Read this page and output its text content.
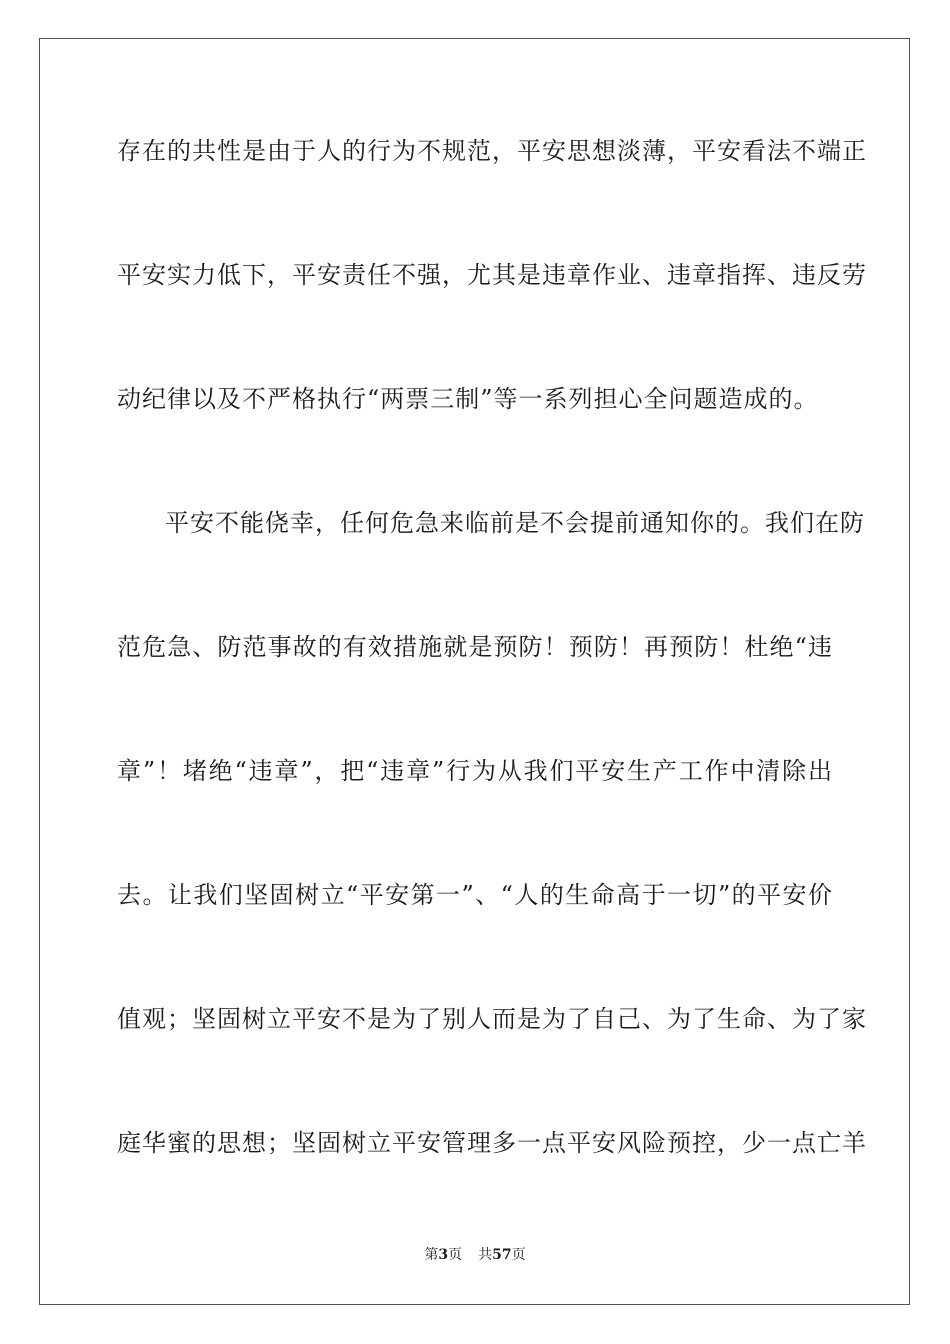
存在的共性是由于人的行为不规范，平安思想淡薄，平安看法不端正
平安实力低下，平安责任不强，尤其是违章作业、违章指挥、违反劳
动纪律以及不严格执行“两票三制”等一系列担心全问题造成的。
平安不能侥幸，任何危急来临前是不会提前通知你的。我们在防
范危急、防范事故的有效措施就是预防！预防！再预防！杜绝“违
章”！堵绝“违章”，把“违章”行为从我们平安生产工作中清除出
去。让我们坚固树立“平安第一”、“人的生命高于一切”的平安价
值观；坚固树立平安不是为了别人而是为了自己、为了生命、为了家
庭华蜜的思想；坚固树立平安管理多一点平安风险预控，少一点亡羊
第3页 共57页
